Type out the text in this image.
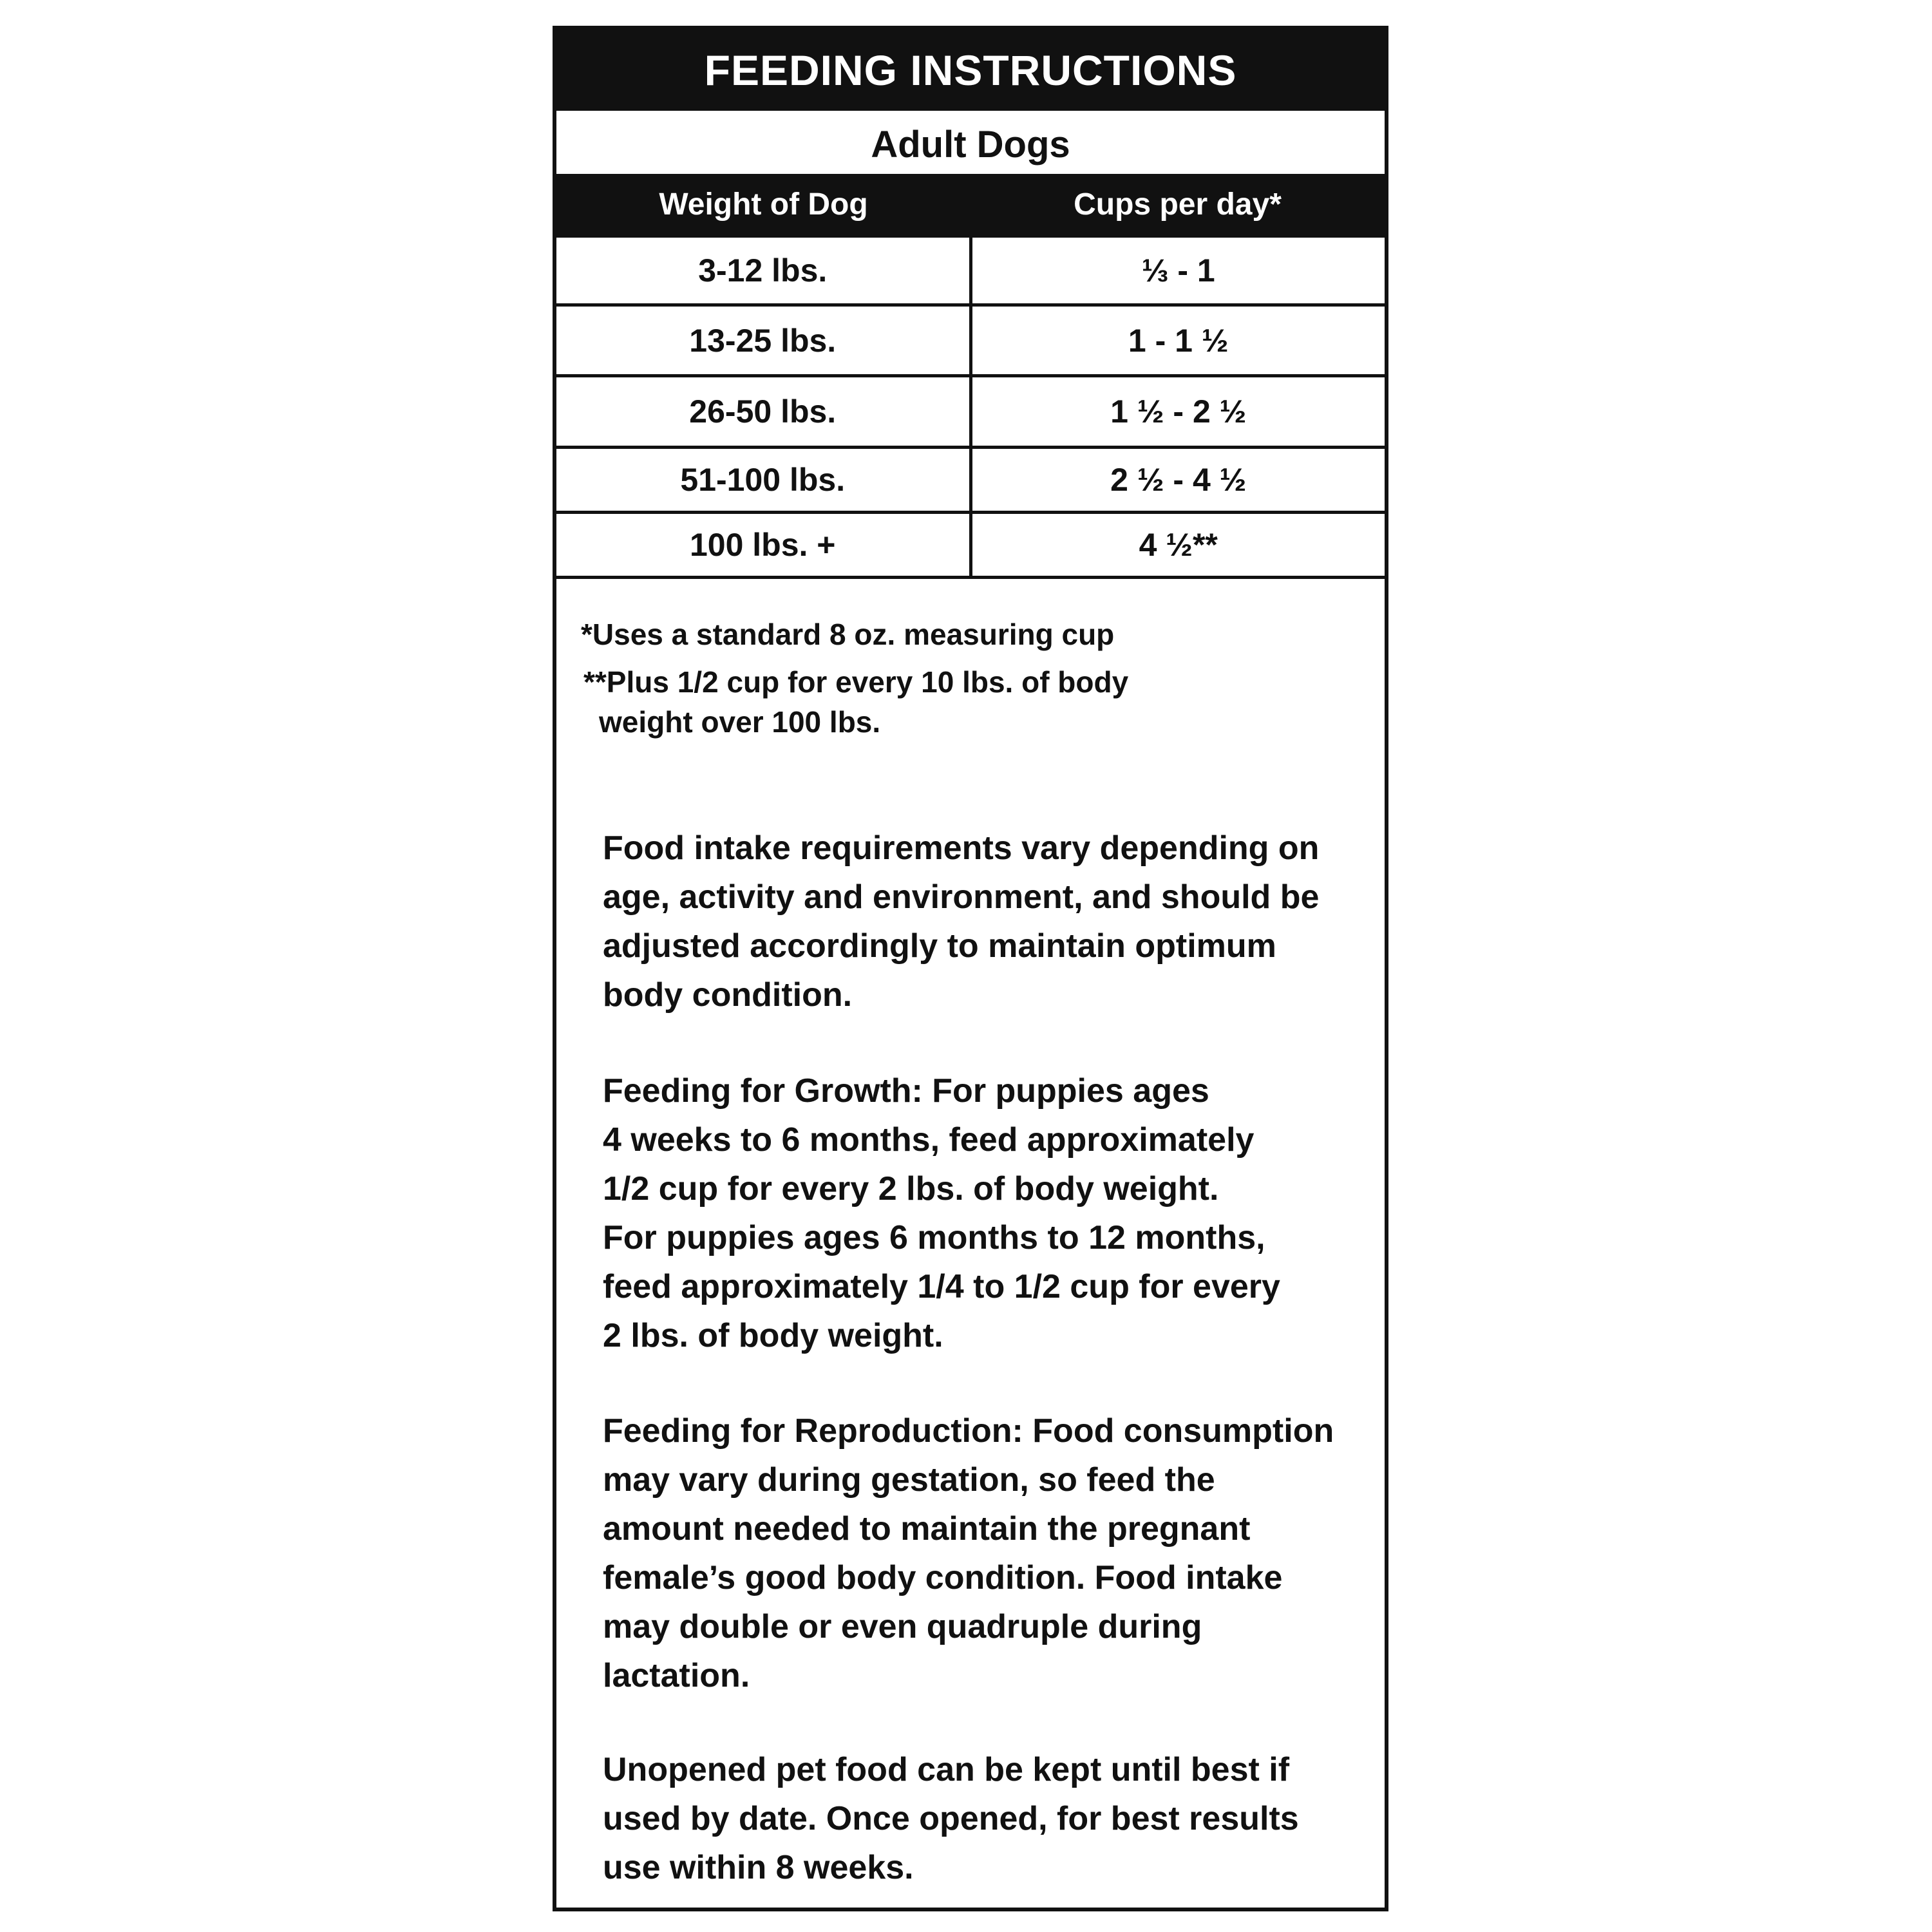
FEEDING INSTRUCTIONS
Adult Dogs
Weight of Dog	Cups per day*
3-12 lbs.	⅓ - 1
13-25 lbs.	1 - 1 ½
26-50 lbs.	1 ½ - 2 ½
51-100 lbs.	2 ½ - 4 ½
100 lbs. +	4 ½**
*Uses a standard 8 oz. measuring cup
**Plus 1/2 cup for every 10 lbs. of body
weight over 100 lbs.
Food intake requirements vary depending on
age, activity and environment, and should be
adjusted accordingly to maintain optimum
body condition.
Feeding for Growth: For puppies ages
4 weeks to 6 months, feed approximately
1/2 cup for every 2 lbs. of body weight.
For puppies ages 6 months to 12 months,
feed approximately 1/4 to 1/2 cup for every
2 lbs. of body weight.
Feeding for Reproduction: Food consumption
may vary during gestation, so feed the
amount needed to maintain the pregnant
female’s good body condition. Food intake
may double or even quadruple during
lactation.
Unopened pet food can be kept until best if
used by date. Once opened, for best results
use within 8 weeks.
